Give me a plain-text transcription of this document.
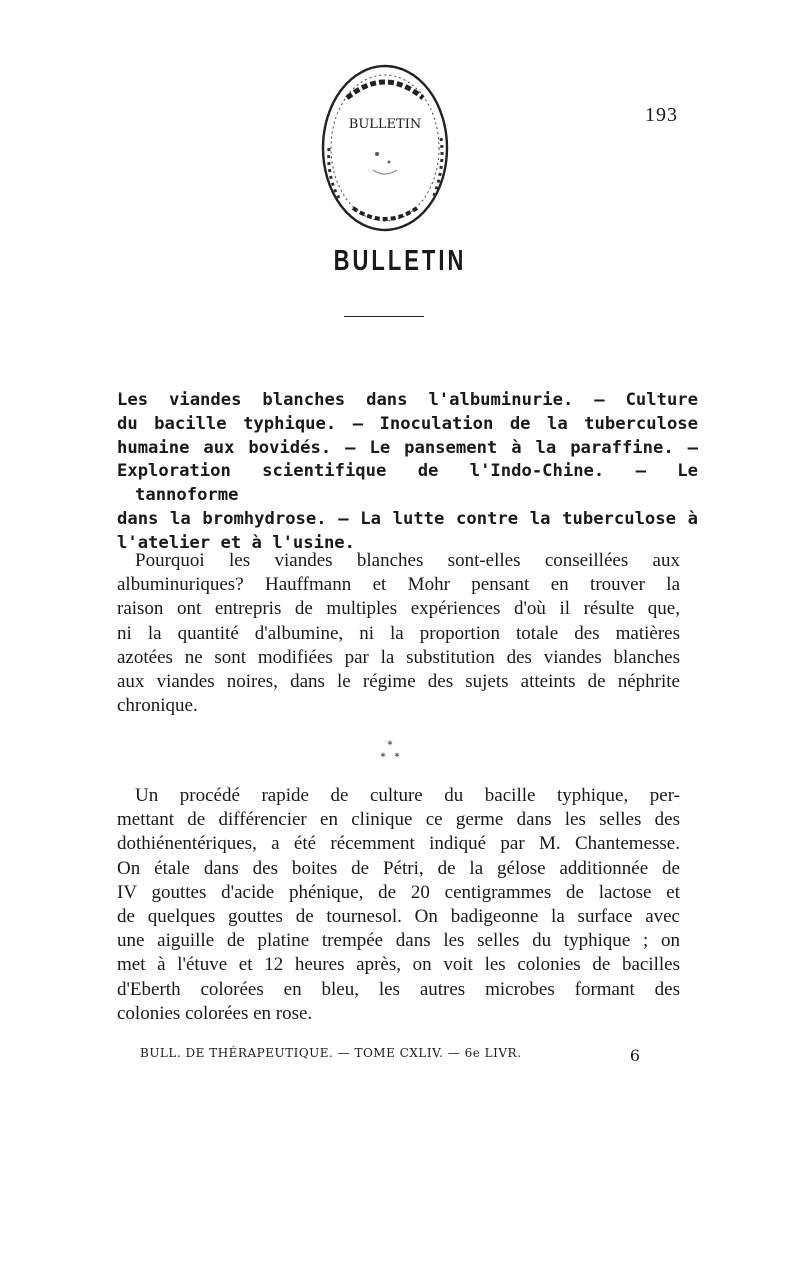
BULLETIN	193
BULLETIN
Les viandes blanches dans l'albuminurie. — Culture
du bacille typhique. — Inoculation de la tuberculose
humaine aux bovidés. — Le pansement à la paraffine. —
Exploration scientifique de l'Indo-Chine. — Le tannoforme
dans la bromhydrose. — La lutte contre la tuberculose à
l'atelier et à l'usine.
Pourquoi les viandes blanches sont-elles conseillées aux
albuminuriques? Hauffmann et Mohr pensant en trouver la
raison ont entrepris de multiples expériences d'où il résulte que,
ni la quantité d'albumine, ni la proportion totale des matières
azotées ne sont modifiées par la substitution des viandes blanches
aux viandes noires, dans le régime des sujets atteints de néphrite
chronique.
*
* *
Un procédé rapide de culture du bacille typhique, per-
mettant de différencier en clinique ce germe dans les selles des
dothiénentériques, a été récemment indiqué par M. Chantemesse.
On étale dans des boites de Pétri, de la gélose additionnée de
IV gouttes d'acide phénique, de 20 centigrammes de lactose et
de quelques gouttes de tournesol. On badigeonne la surface avec
une aiguille de platine trempée dans les selles du typhique ; on
met à l'étuve et 12 heures après, on voit les colonies de bacilles
d'Eberth colorées en bleu, les autres microbes formant des
colonies colorées en rose.
BULL. DE THÉRAPEUTIQUE. — TOME CXLIV. — 6e LIVR.	6
